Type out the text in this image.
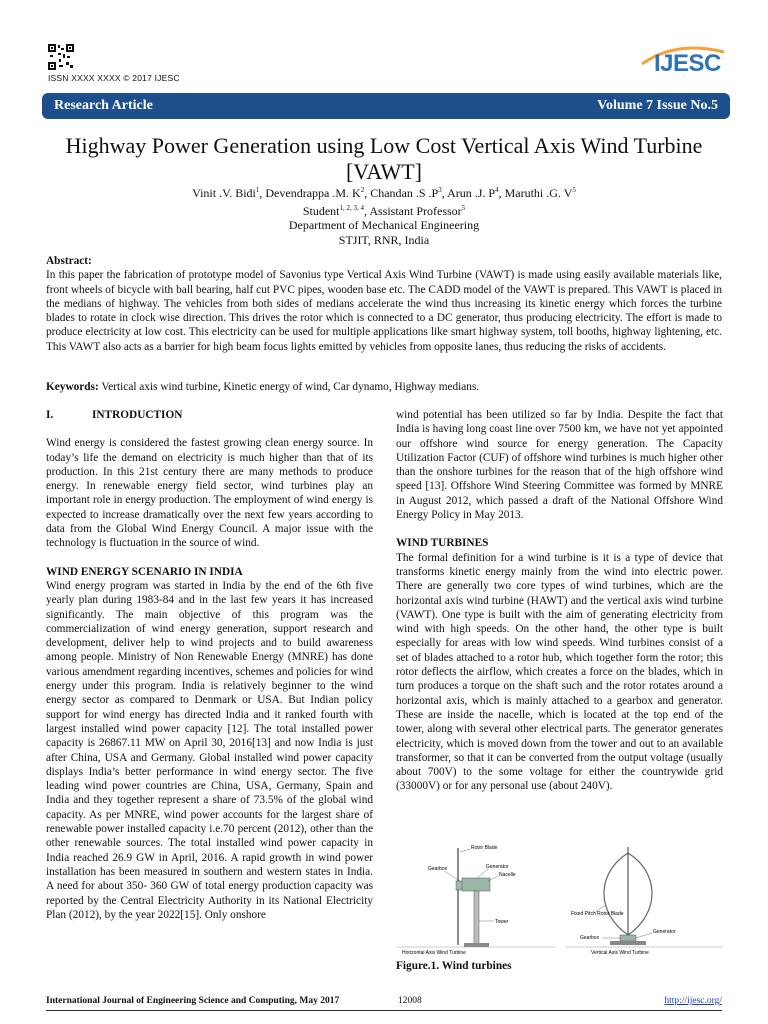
ISSN XXXX XXXX © 2017 IJESC
IJESC
Research Article	Volume 7 Issue No.5
Highway Power Generation using Low Cost Vertical Axis Wind Turbine [VAWT]
Vinit .V. Bidi$^1$, Devendrappa .M. $K^2$, Chandan .S $.P^3$, Arun .J. $P^4$, Maruthi .G. $V^5$
Student$^{1, 2, 3, 4}$, Assistant Professor$^5$
Department of Mechanical Engineering
STJIT, RNR, India
Abstract:
In this paper the fabrication of prototype model of Savonius type Vertical Axis Wind Turbine (VAWT) is made using easily available materials like, front wheels of bicycle with ball bearing, half cut PVC pipes, wooden base etc. The CADD model of the VAWT is prepared. This VAWT is placed in the medians of highway. The vehicles from both sides of medians accelerate the wind thus increasing its kinetic energy which forces the turbine blades to rotate in clock wise direction. This drives the rotor which is connected to a DC generator, thus producing electricity. The effort is made to produce electricity at low cost. This electricity can be used for multiple applications like smart highway system, toll booths, highway lightening, etc. This VAWT also acts as a barrier for high beam focus lights emitted by vehicles from opposite lanes, thus reducing the risks of accidents.
Keywords: Vertical axis wind turbine, Kinetic energy of wind, Car dynamo, Highway medians.

I.	INTRODUCTION

Wind energy is considered the fastest growing clean energy source. In today’s life the demand on electricity is much higher than that of its production. In this 21st century there are many methods to produce energy. In renewable energy field sector, wind turbines play an important role in energy production. The employment of wind energy is expected to increase dramatically over the next few years according to data from the Global Wind Energy Council. A major issue with the technology is fluctuation in the source of wind.

WIND ENERGY SCENARIO IN INDIA

Wind energy program was started in India by the end of the 6th five yearly plan during 1983-84 and in the last few years it has increased significantly. The main objective of this program was the commercialization of wind energy generation, support research and development, deliver help to wind projects and to build awareness among people. Ministry of Non Renewable Energy (MNRE) has done various amendment regarding incentives, schemes and policies for wind energy under this program. India is relatively beginner to the wind energy sector as compared to Denmark or USA. But Indian policy support for wind energy has directed India and it ranked fourth with largest installed wind power capacity [12]. The total installed power capacity is 26867.11 MW on April 30, 2016[13] and now India is just after China, USA and Germany. Global installed wind power capacity displays India’s better performance in wind energy sector. The five leading wind power countries are China, USA, Germany, Spain and India and they together represent a share of 73.5% of the global wind capacity. As per MNRE, wind power accounts for the largest share of renewable power installed capacity i.e.70 percent (2012), other than the other renewable sources. The total installed wind power capacity in India reached 26.9 GW in April, 2016. A rapid growth in wind power installation has been measured in southern and western states in India. A need for about 350- 360 GW of total energy production capacity was reported by the Central Electricity Authority in its National Electricity Plan (2012), by the year 2022[15]. Only onshore

wind potential has been utilized so far by India. Despite the fact that India is having long coast line over 7500 km, we have not yet appointed our offshore wind source for energy generation. The Capacity Utilization Factor (CUF) of offshore wind turbines is much higher other than the onshore turbines for the reason that of the high offshore wind speed [13]. Offshore Wind Steering Committee was formed by MNRE in August 2012, which passed a draft of the National Offshore Wind Energy Policy in May 2013.

WIND TURBINES

The formal definition for a wind turbine is it is a type of device that transforms kinetic energy mainly from the wind into electric power. There are generally two core types of wind turbines, which are the horizontal axis wind turbine (HAWT) and the vertical axis wind turbine (VAWT). One type is built with the aim of generating electricity from wind with high speeds. On the other hand, the other type is built especially for areas with low wind speeds. Wind turbines consist of a set of blades attached to a rotor hub, which together form the rotor; this rotor deflects the airflow, which creates a force on the blades, which in turn produces a torque on the shaft such and the rotor rotates around a horizontal axis, which is mainly attached to a gearbox and generator. These are inside the nacelle, which is located at the top end of the tower, along with several other electrical parts. The generator generates electricity, which is moved down from the tower and out to an available transformer, so that it can be converted from the output voltage (usually about 700V) to the some voltage for either the countrywide grid (33000V) or for any personal use (about 240V).

Rotor Blade
Gearbox	Generator
Nacelle
Tower
Horizontal Axis Wind Turbine
Fixed Pitch Rotor Blade
Gearbox
Generator
Vertical Axis Wind Turbine
Figure.1. Wind turbines
International Journal of Engineering Science and Computing, May 2017	12008	http://ijesc.org/
